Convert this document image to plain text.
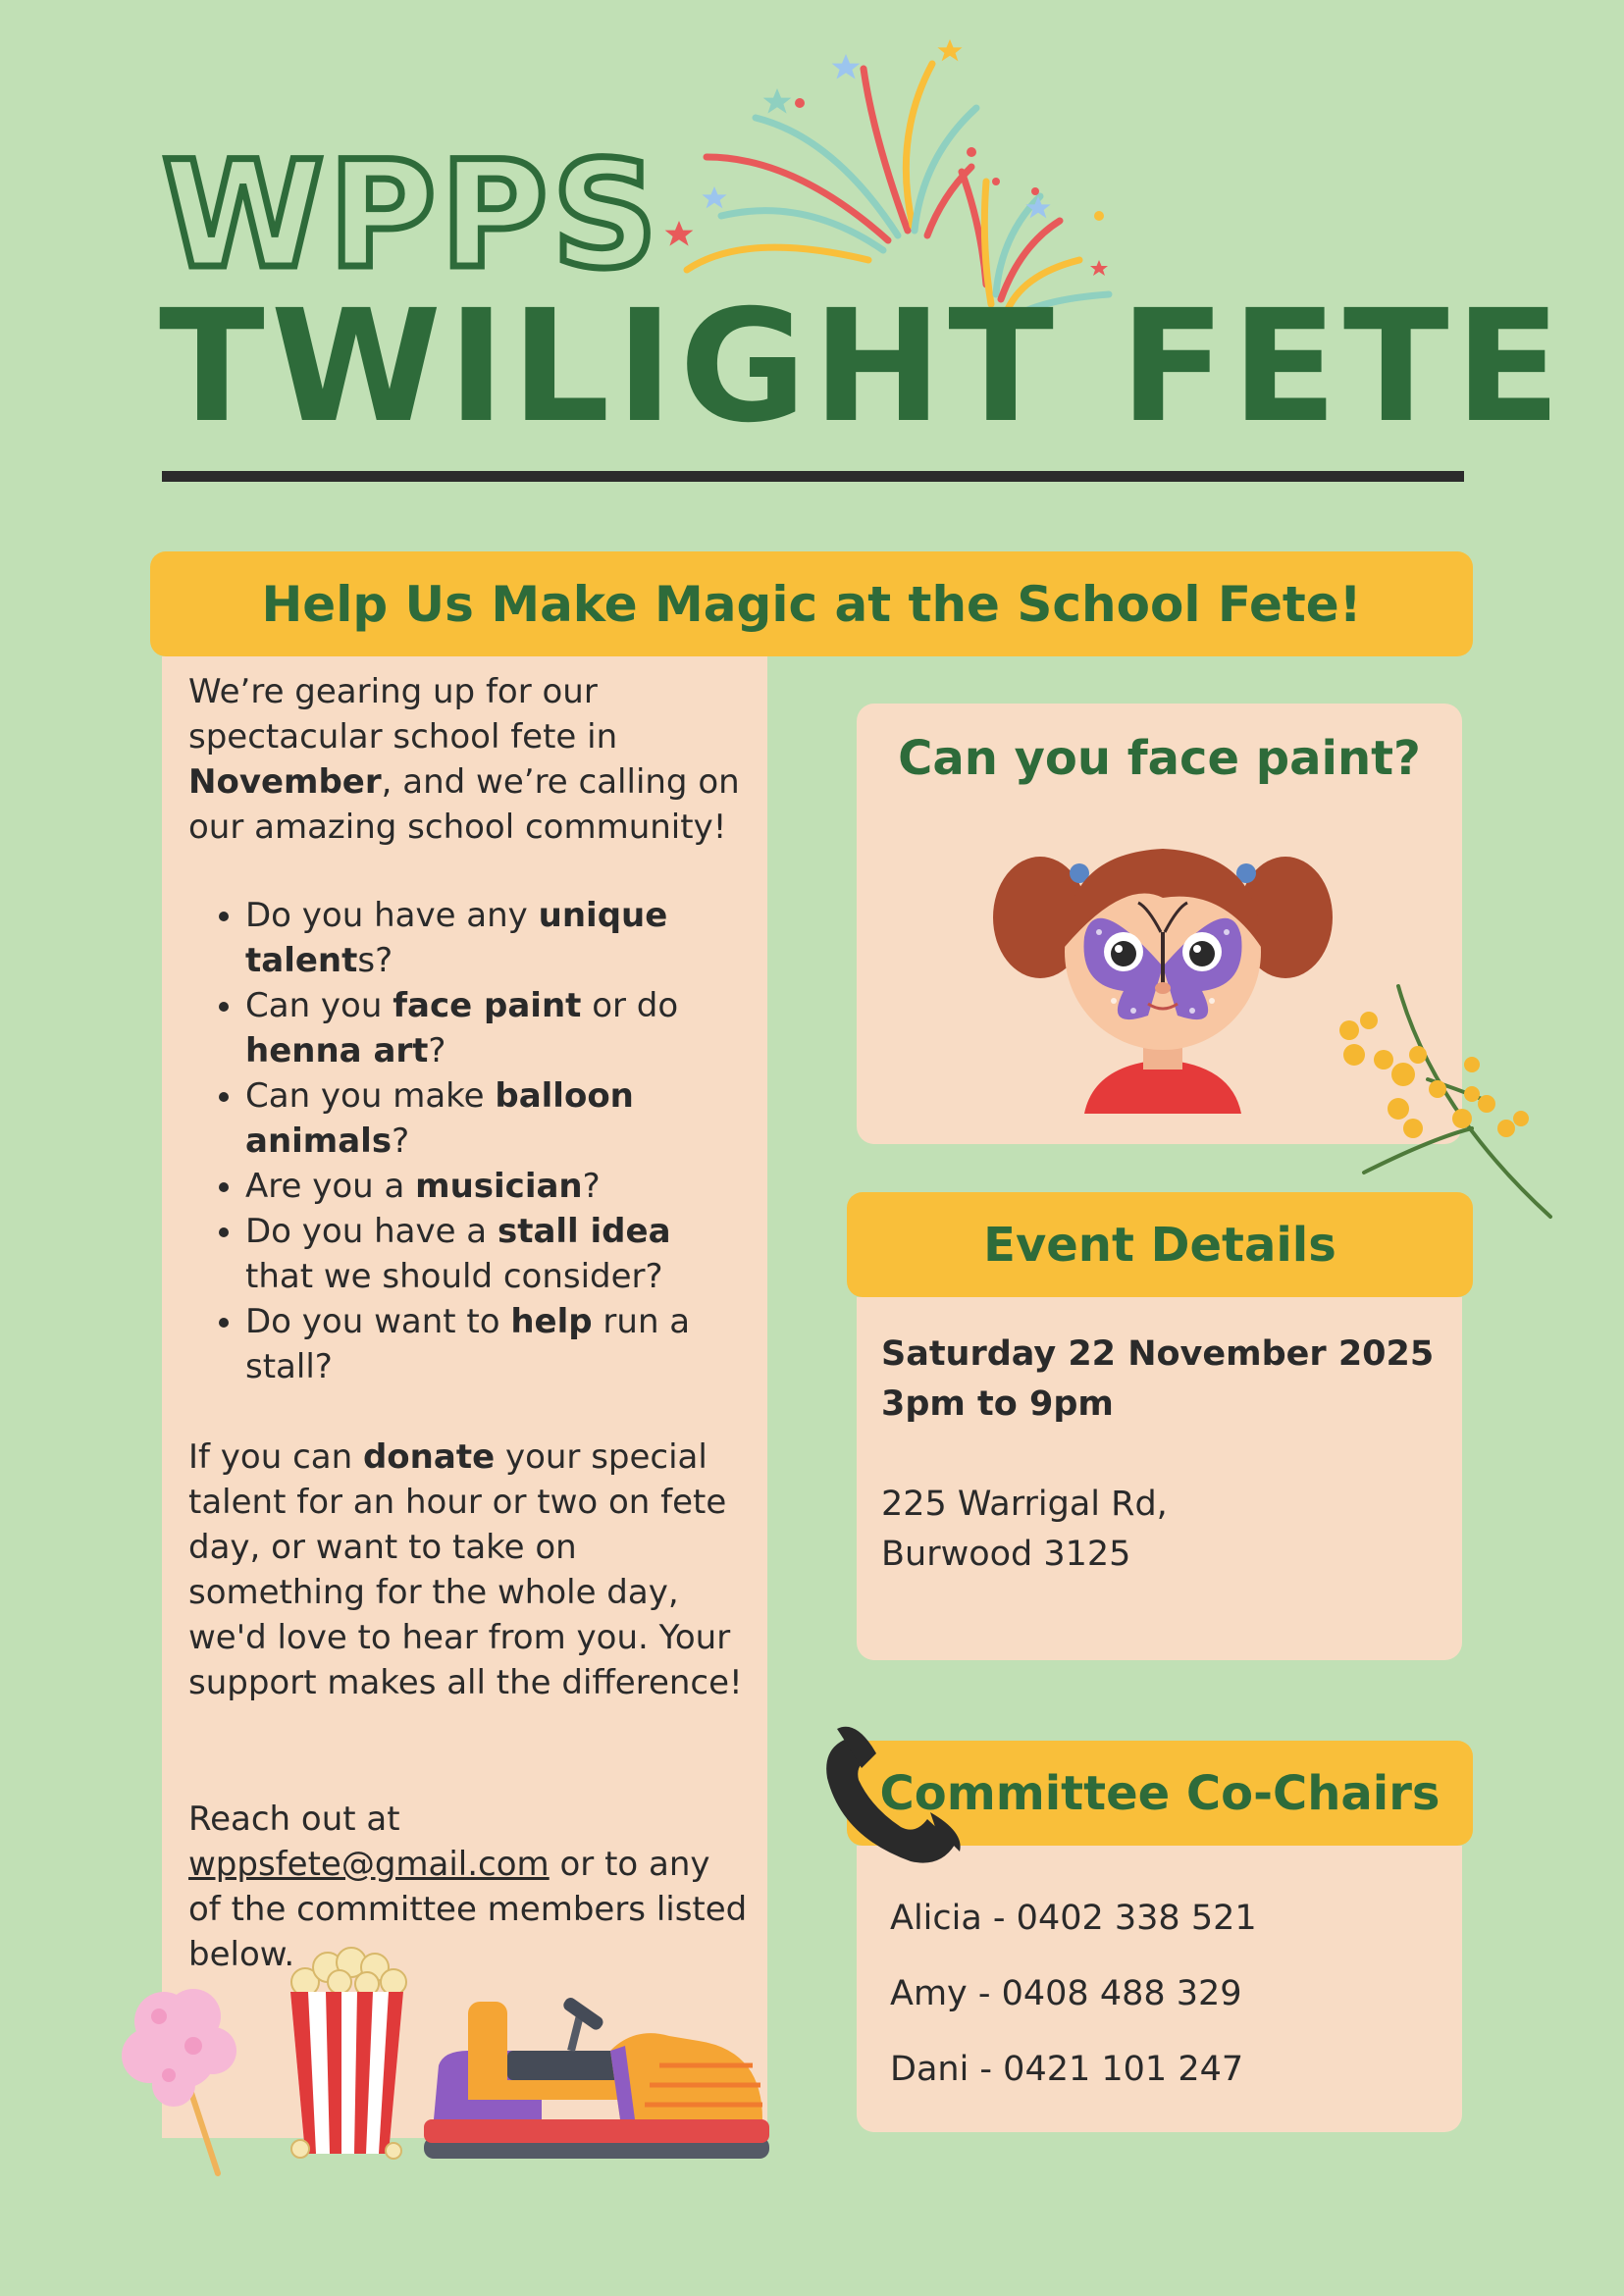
WPPS
TWILIGHT FETE
Help Us Make Magic at the School Fete!
We’re gearing up for our spectacular school fete in November, and we’re calling on our amazing school community!
• Do you have any unique talents?
• Can you face paint or do henna art?
• Can you make balloon animals?
• Are you a musician?
• Do you have a stall idea that we should consider?
• Do you want to help run a stall?
If you can donate your special talent for an hour or two on fete day, or want to take on something for the whole day, we'd love to hear from you. Your support makes all the difference!
Reach out at
wppsfete@gmail.com or to any of the committee members listed below.
Can you face paint?
Event Details
Saturday 22 November 2025
3pm to 9pm
225 Warrigal Rd,
Burwood 3125
Committee Co-Chairs
Alicia - 0402 338 521
Amy - 0408 488 329
Dani - 0421 101 247
